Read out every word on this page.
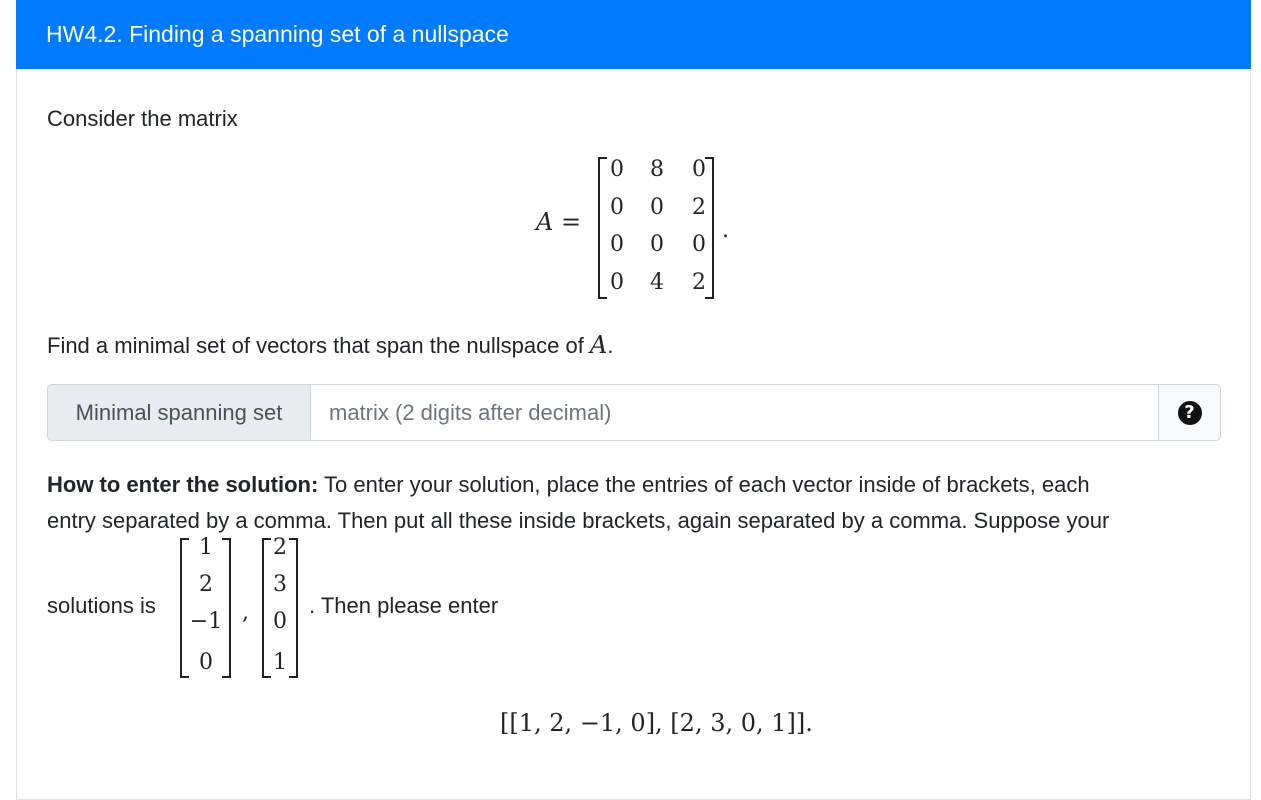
HW4.2. Finding a spanning set of a nullspace
Consider the matrix
A =
0	8	0
0	0	2
0	0	0
0	4	2
.
Find a minimal set of vectors that span the nullspace of A.
Minimal spanning set
matrix (2 digits after decimal)	?
How to enter the solution: To enter your solution, place the entries of each vector inside of brackets, each
entry separated by a comma. Then put all these inside brackets, again separated by a comma. Suppose your
solutions is
1
2
−1
0
,
2
3
0
1
. Then please enter
[[1, 2, −1, 0], [2, 3, 0, 1]].
